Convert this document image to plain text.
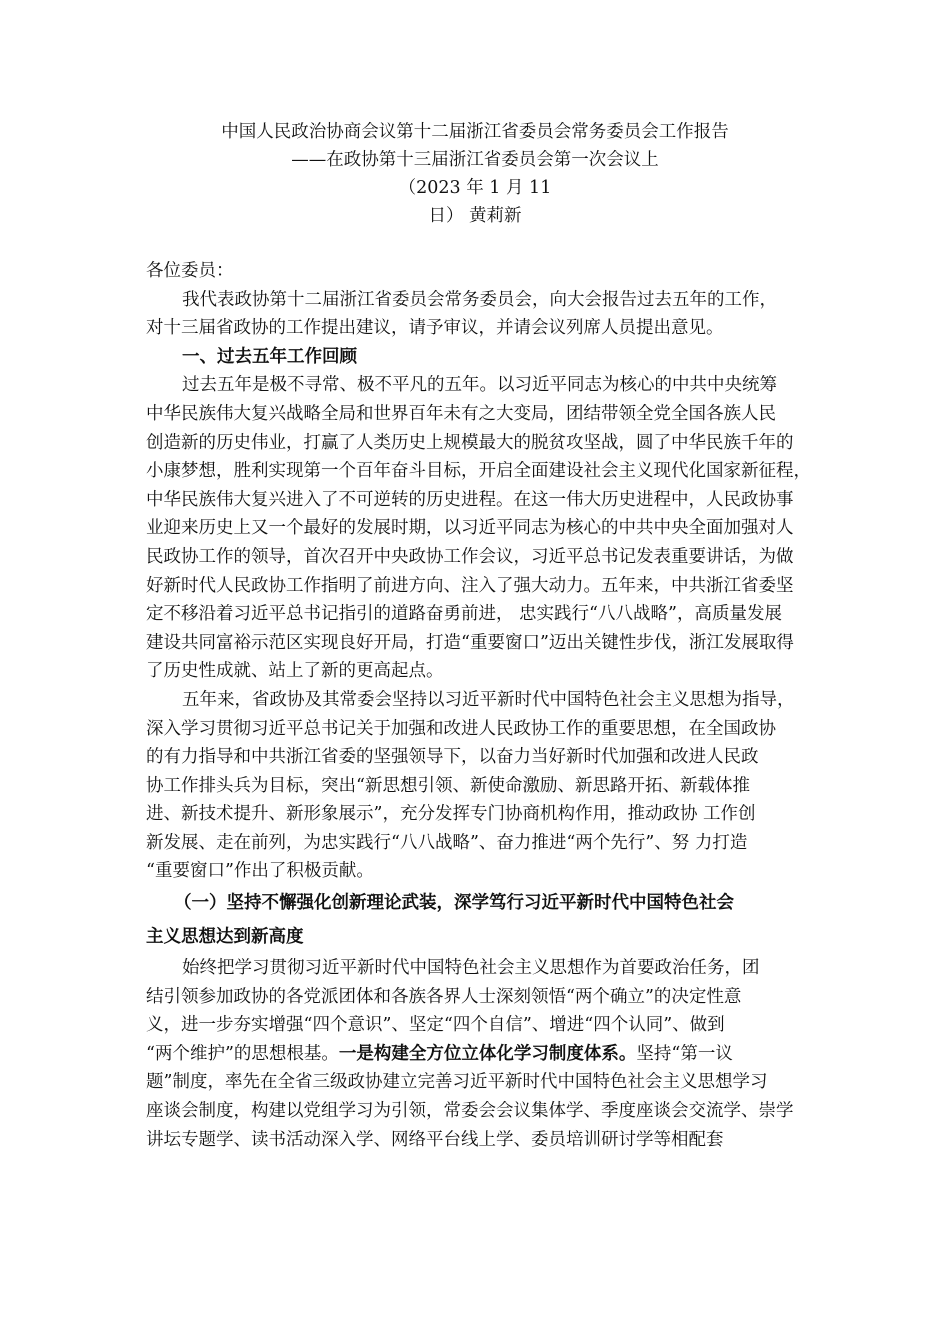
中国人民政治协商会议第十二届浙江省委员会常务委员会工作报告
——在政协第十三届浙江省委员会第一次会议上
（2023 年 1 月 11
日） 黄莉新
各位委员：
我代表政协第十二届浙江省委员会常务委员会，向大会报告过去五年的工作，
对十三届省政协的工作提出建议，请予审议，并请会议列席人员提出意见。
一、过去五年工作回顾
过去五年是极不寻常、极不平凡的五年。以习近平同志为核心的中共中央统筹
中华民族伟大复兴战略全局和世界百年未有之大变局，团结带领全党全国各族人民
创造新的历史伟业，打赢了人类历史上规模最大的脱贫攻坚战，圆了中华民族千年的
小康梦想，胜利实现第一个百年奋斗目标，开启全面建设社会主义现代化国家新征程，
中华民族伟大复兴进入了不可逆转的历史进程。在这一伟大历史进程中，人民政协事
业迎来历史上又一个最好的发展时期，以习近平同志为核心的中共中央全面加强对人
民政协工作的领导，首次召开中央政协工作会议，习近平总书记发表重要讲话，为做
好新时代人民政协工作指明了前进方向、注入了强大动力。五年来，中共浙江省委坚
定不移沿着习近平总书记指引的道路奋勇前进， 忠实践行“八八战略”，高质量发展
建设共同富裕示范区实现良好开局，打造“重要窗口”迈出关键性步伐，浙江发展取得
了历史性成就、站上了新的更高起点。
五年来，省政协及其常委会坚持以习近平新时代中国特色社会主义思想为指导，
深入学习贯彻习近平总书记关于加强和改进人民政协工作的重要思想，在全国政协
的有力指导和中共浙江省委的坚强领导下，以奋力当好新时代加强和改进人民政
协工作排头兵为目标，突出“新思想引领、新使命激励、新思路开拓、新载体推
进、新技术提升、新形象展示”，充分发挥专门协商机构作用，推动政协 工作创
新发展、走在前列，为忠实践行“八八战略”、奋力推进“两个先行”、努 力打造
“重要窗口”作出了积极贡献。
（一）坚持不懈强化创新理论武装，深学笃行习近平新时代中国特色社会
主义思想达到新高度
始终把学习贯彻习近平新时代中国特色社会主义思想作为首要政治任务，团
结引领参加政协的各党派团体和各族各界人士深刻领悟“两个确立”的决定性意
义，进一步夯实增强“四个意识”、坚定“四个自信”、增进“四个认同”、做到
“两个维护”的思想根基。一是构建全方位立体化学习制度体系。坚持“第一议
题”制度，率先在全省三级政协建立完善习近平新时代中国特色社会主义思想学习
座谈会制度，构建以党组学习为引领，常委会会议集体学、季度座谈会交流学、崇学
讲坛专题学、读书活动深入学、网络平台线上学、委员培训研讨学等相配套
